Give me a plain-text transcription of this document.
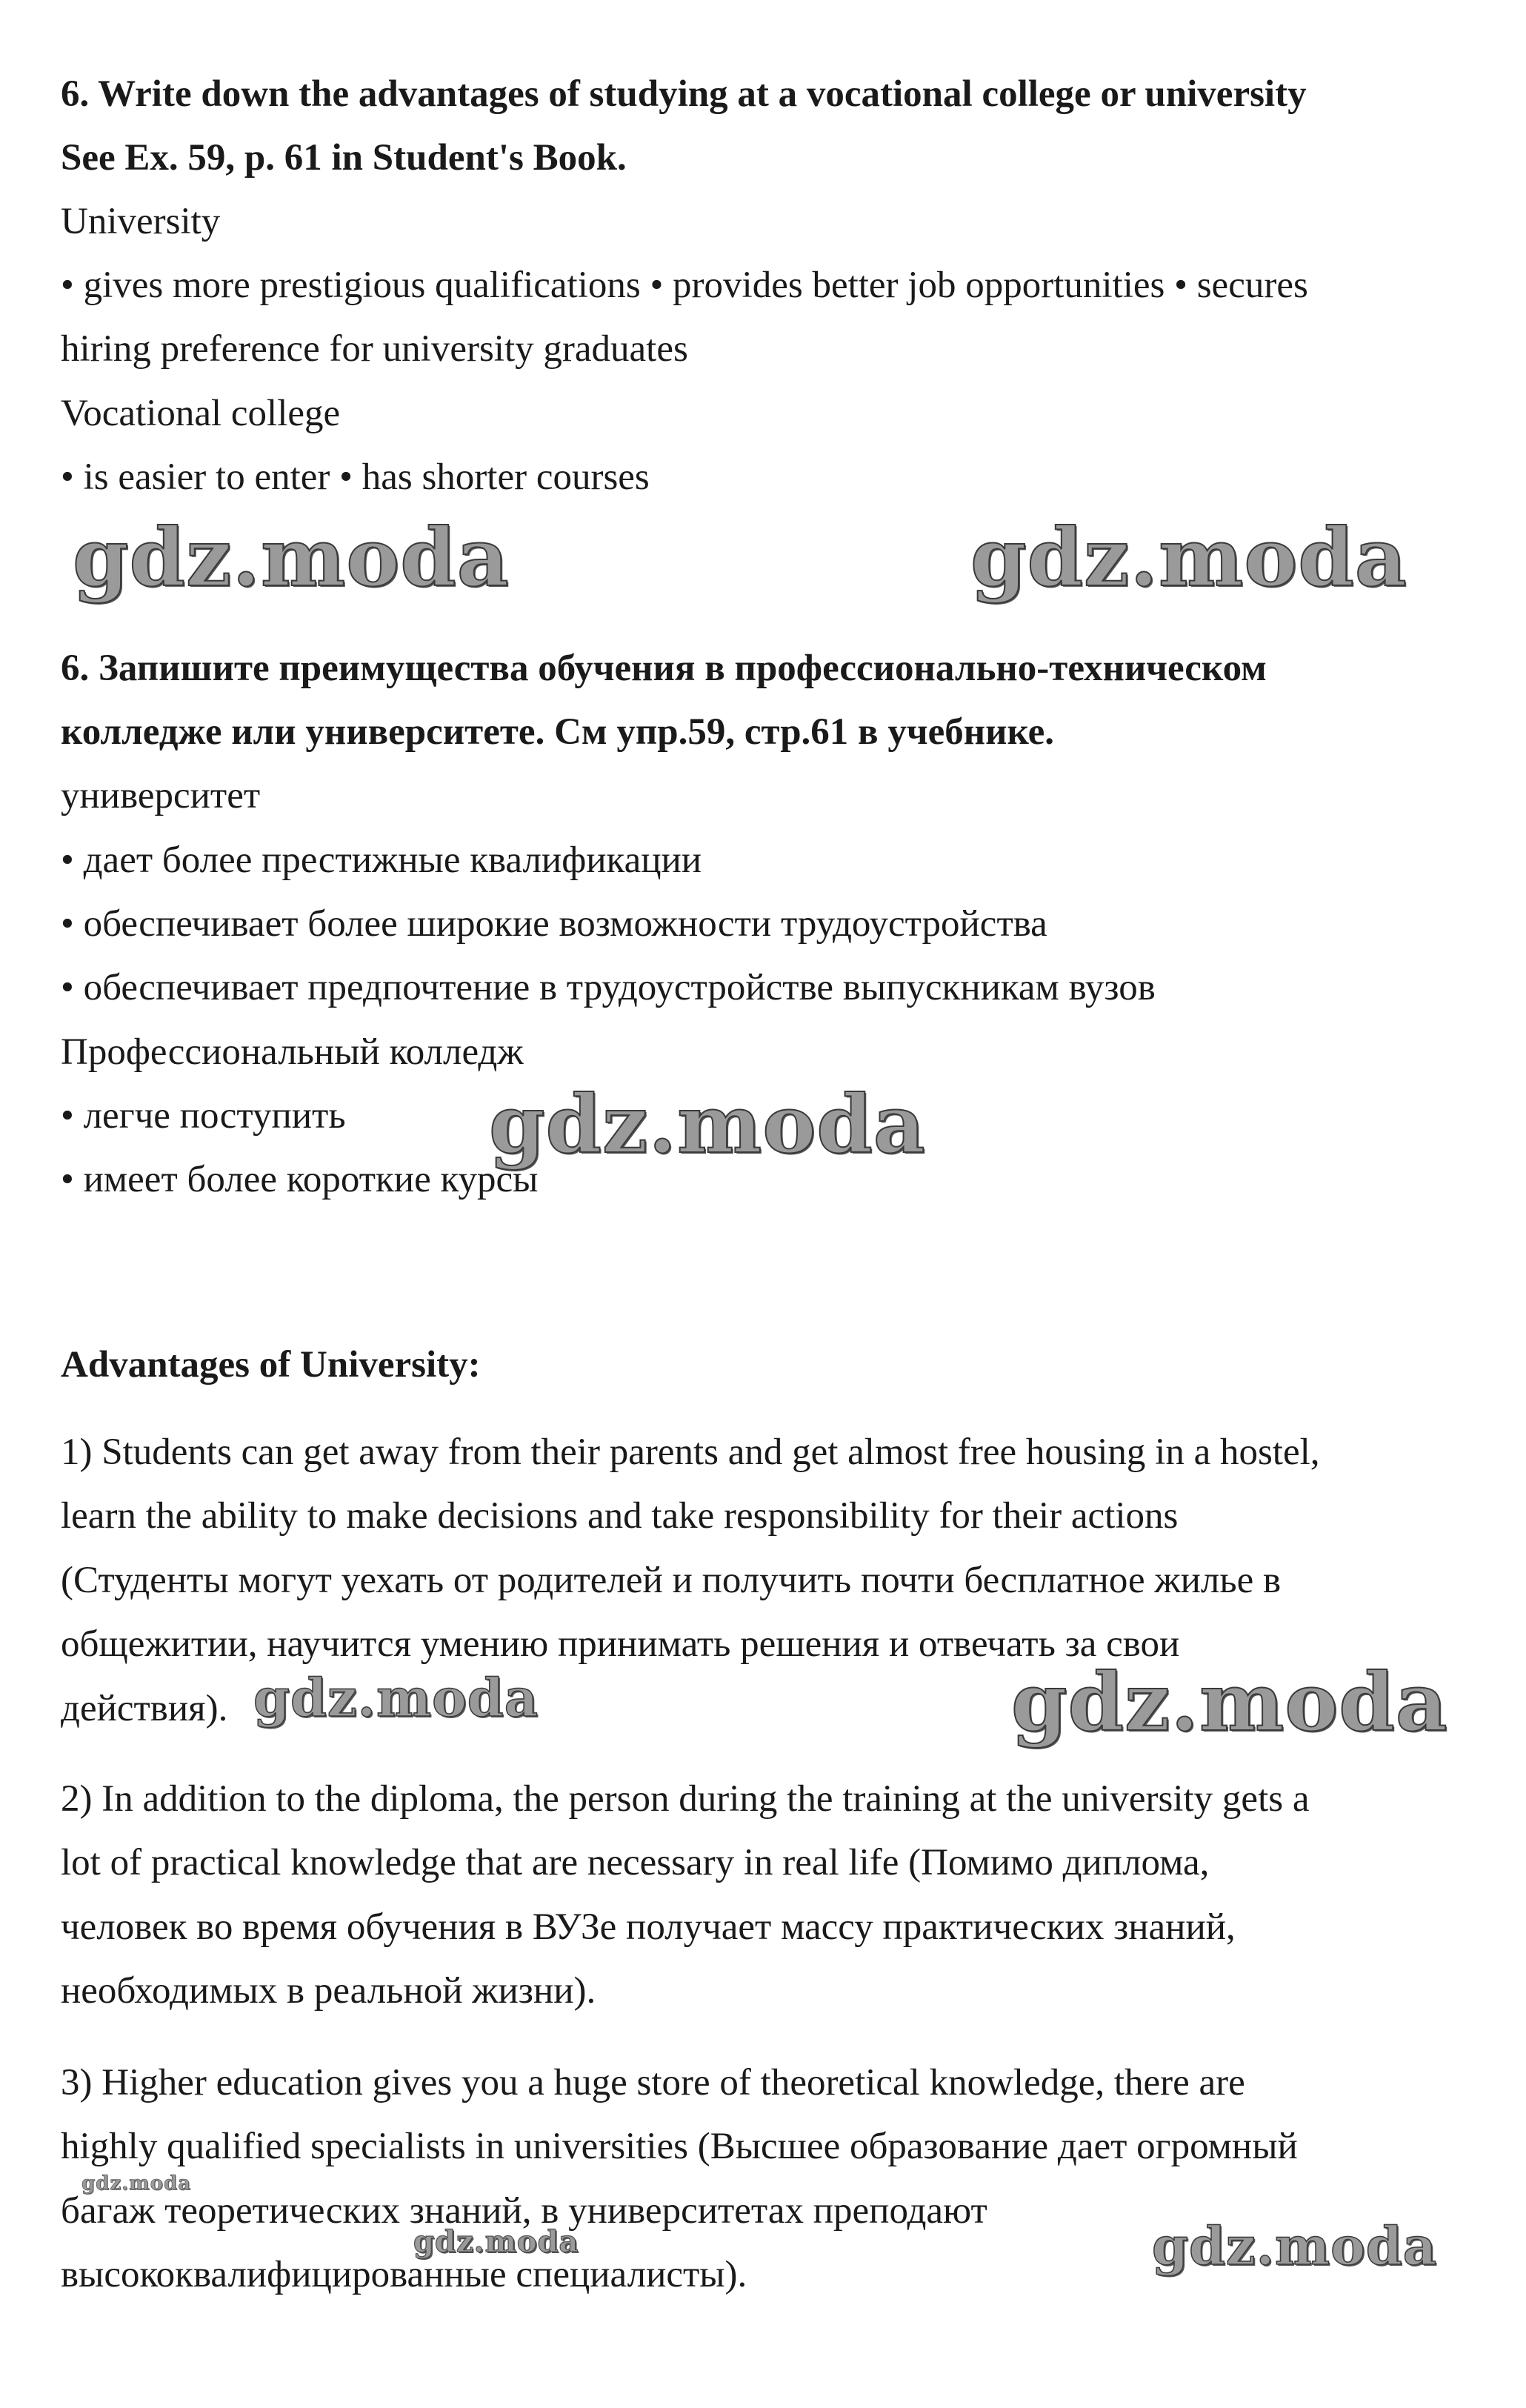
6. Write down the advantages of studying at a vocational college or university
See Ex. 59, p. 61 in Student's Book.
University
• gives more prestigious qualifications • provides better job opportunities • secures
hiring preference for university graduates
Vocational college
• is easier to enter • has shorter courses
gdz.moda	gdz.moda
6. Запишите преимущества обучения в профессионально-техническом
колледже или университете. См упр.59, стр.61 в учебнике.
университет
• дает более престижные квалификации
• обеспечивает более широкие возможности трудоустройства
• обеспечивает предпочтение в трудоустройстве выпускникам вузов
Профессиональный колледж
• легче поступить
• имеет более короткие курсы
gdz.moda
Advantages of University:
1) Students can get away from their parents and get almost free housing in a hostel,
learn the ability to make decisions and take responsibility for their actions
(Студенты могут уехать от родителей и получить почти бесплатное жилье в
общежитии, научится умению принимать решения и отвечать за свои
действия). gdz.moda	gdz.moda
2) In addition to the diploma, the person during the training at the university gets a
lot of practical knowledge that are necessary in real life (Помимо диплома,
человек во время обучения в ВУЗе получает массу практических знаний,
необходимых в реальной жизни).
3) Higher education gives you a huge store of theoretical knowledge, there are
highly qualified specialists in universities (Высшее образование дает огромный
багаж теоретических знаний, в университетах преподают
высококвалифицированные специалисты).
gdz.moda
gdz.moda	gdz.moda
